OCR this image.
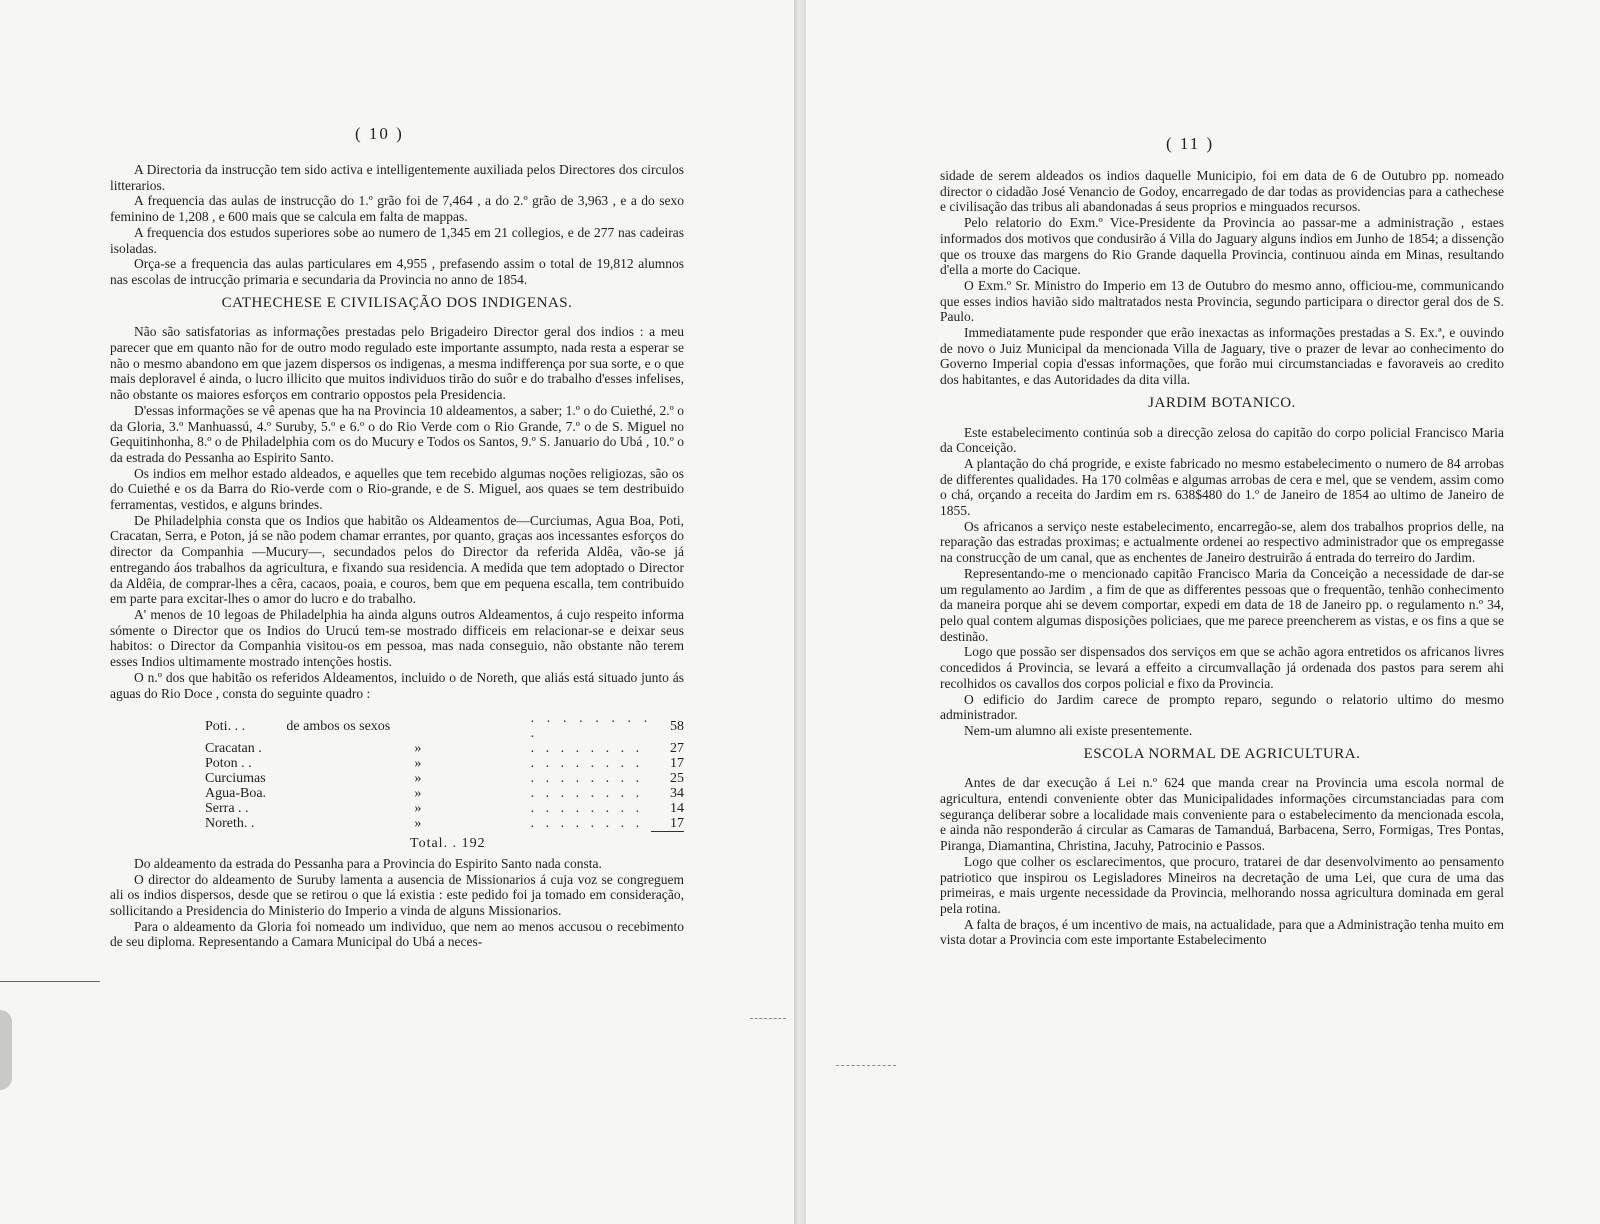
( 10 )

A Directoria da instrucção tem sido activa e intelligentemente auxiliada pelos Directores dos circulos litterarios.

A frequencia das aulas de instrucção do 1.º grão foi de 7,464 , a do 2.º grão de 3,963 , e a do sexo feminino de 1,208 , e 600 mais que se calcula em falta de mappas.

A frequencia dos estudos superiores sobe ao numero de 1,345 em 21 collegios, e de 277 nas cadeiras isoladas.

Orça-se a frequencia das aulas particulares em 4,955 , prefasendo assim o total de 19,812 alumnos nas escolas de intrucção primaria e secundaria da Provincia no anno de 1854.

CATHECHESE E CIVILISAÇÃO DOS INDIGENAS.

Não são satisfatorias as informações prestadas pelo Brigadeiro Director geral dos indios : a meu parecer que em quanto não for de outro modo regulado este importante assumpto, nada resta a esperar se não o mesmo abandono em que jazem dispersos os indigenas, a mesma indifferença por sua sorte, e o que mais deploravel é ainda, o lucro illicito que muitos individuos tirão do suôr e do trabalho d'esses infelises, não obstante os maiores esforços em contrario oppostos pela Presidencia.

D'essas informações se vê apenas que ha na Provincia 10 aldeamentos, a saber; 1.º o do Cuiethé, 2.º o da Gloria, 3.º Manhuassú, 4.º Suruby, 5.º e 6.º o do Rio Verde com o Rio Grande, 7.º o de S. Miguel no Gequitinhonha, 8.º o de Philadelphia com os do Mucury e Todos os Santos, 9.º S. Januario do Ubá , 10.º o da estrada do Pessanha ao Espirito Santo.

Os indios em melhor estado aldeados, e aquelles que tem recebido algumas noções religiozas, são os do Cuiethé e os da Barra do Rio-verde com o Rio-grande, e de S. Miguel, aos quaes se tem destribuido ferramentas, vestidos, e alguns brindes.

De Philadelphia consta que os Indios que habitão os Aldeamentos de—Curciumas, Agua Boa, Poti, Cracatan, Serra, e Poton, já se não podem chamar errantes, por quanto, graças aos incessantes esforços do director da Companhia —Mucury—, secundados pelos do Director da referida Aldêa, vão-se já entregando áos trabalhos da agricultura, e fixando sua residencia. A medida que tem adoptado o Director da Aldêia, de comprar-lhes a cêra, cacaos, poaia, e couros, bem que em pequena escalla, tem contribuido em parte para excitar-lhes o amor do lucro e do trabalho.

A' menos de 10 legoas de Philadelphia ha ainda alguns outros Aldeamentos, á cujo respeito informa sómente o Director que os Indios do Urucú tem-se mostrado difficeis em relacionar-se e deixar seus habitos: o Director da Companhia visitou-os em pessoa, mas nada conseguio, não obstante não terem esses Indios ultimamente mostrado intenções hostis.

O n.º dos que habitão os referidos Aldeamentos, incluido o de Noreth, que aliás está situado junto ás aguas do Rio Doce , consta do seguinte quadro :

Poti. . .	de ambos os sexos	. . . . . . . . .	58
Cracatan .	»	. . . . . . . .	27
Poton . .	»	. . . . . . . .	17
Curciumas	»	. . . . . . . .	25
Agua-Boa.	»	. . . . . . . .	34
Serra . .	»	. . . . . . . .	14
Noreth. .	»	. . . . . . . .	17
Total. . 192

Do aldeamento da estrada do Pessanha para a Provincia do Espirito Santo nada consta.

O director do aldeamento de Suruby lamenta a ausencia de Missionarios á cuja voz se congreguem ali os indios dispersos, desde que se retirou o que lá existia : este pedido foi ja tomado em consideração, sollicitando a Presidencia do Ministerio do Imperio a vinda de alguns Missionarios.

Para o aldeamento da Gloria foi nomeado um individuo, que nem ao menos accusou o recebimento de seu diploma. Representando a Camara Municipal do Ubá a neces-

( 11 )

sidade de serem aldeados os indios daquelle Municipio, foi em data de 6 de Outubro pp. nomeado director o cidadão José Venancio de Godoy, encarregado de dar todas as providencias para a cathechese e civilisação das tribus ali abandonadas á seus proprios e minguados recursos.

Pelo relatorio do Exm.º Vice-Presidente da Provincia ao passar-me a administração , estaes informados dos motivos que condusirão á Villa do Jaguary alguns indios em Junho de 1854; a dissenção que os trouxe das margens do Rio Grande daquella Provincia, continuou ainda em Minas, resultando d'ella a morte do Cacique.

O Exm.º Sr. Ministro do Imperio em 13 de Outubro do mesmo anno, officiou-me, communicando que esses indios havião sido maltratados nesta Provincia, segundo participara o director geral dos de S. Paulo.

Immediatamente pude responder que erão inexactas as informações prestadas a S. Ex.ª, e ouvindo de novo o Juiz Municipal da mencionada Villa de Jaguary, tive o prazer de levar ao conhecimento do Governo Imperial copia d'essas informações, que forão mui circumstanciadas e favoraveis ao credito dos habitantes, e das Autoridades da dita villa.

JARDIM BOTANICO.

Este estabelecimento continúa sob a direcção zelosa do capitão do corpo policial Francisco Maria da Conceição.

A plantação do chá progride, e existe fabricado no mesmo estabelecimento o numero de 84 arrobas de differentes qualidades. Ha 170 colmêas e algumas arrobas de cera e mel, que se vendem, assim como o chá, orçando a receita do Jardim em rs. 638$480 do 1.º de Janeiro de 1854 ao ultimo de Janeiro de 1855.

Os africanos a serviço neste estabelecimento, encarregão-se, alem dos trabalhos proprios delle, na reparação das estradas proximas; e actualmente ordenei ao respectivo administrador que os empregasse na construcção de um canal, que as enchentes de Janeiro destruirão á entrada do terreiro do Jardim.

Representando-me o mencionado capitão Francisco Maria da Conceição a necessidade de dar-se um regulamento ao Jardim , a fim de que as differentes pessoas que o frequentão, tenhão conhecimento da maneira porque ahi se devem comportar, expedi em data de 18 de Janeiro pp. o regulamento n.º 34, pelo qual contem algumas disposições policiaes, que me parece preencherem as vistas, e os fins a que se destinão.

Logo que possão ser dispensados dos serviços em que se achão agora entretidos os africanos livres concedidos á Provincia, se levará a effeito a circumvallação já ordenada dos pastos para serem ahi recolhidos os cavallos dos corpos policial e fixo da Provincia.

O edificio do Jardim carece de prompto reparo, segundo o relatorio ultimo do mesmo administrador.

Nem-um alumno ali existe presentemente.

ESCOLA NORMAL DE AGRICULTURA.

Antes de dar execução á Lei n.º 624 que manda crear na Provincia uma escola normal de agricultura, entendi conveniente obter das Municipalidades informações circumstanciadas para com segurança deliberar sobre a localidade mais conveniente para o estabelecimento da mencionada escola, e ainda não responderão á circular as Camaras de Tamanduá, Barbacena, Serro, Formigas, Tres Pontas, Piranga, Diamantina, Christina, Jacuhy, Patrocinio e Passos.

Logo que colher os esclarecimentos, que procuro, tratarei de dar desenvolvimento ao pensamento patriotico que inspirou os Legisladores Mineiros na decretação de uma Lei, que cura de uma das primeiras, e mais urgente necessidade da Provincia, melhorando nossa agricultura dominada em geral pela rotina.

A falta de braços, é um incentivo de mais, na actualidade, para que a Administração tenha muito em vista dotar a Provincia com este importante Estabelecimento
